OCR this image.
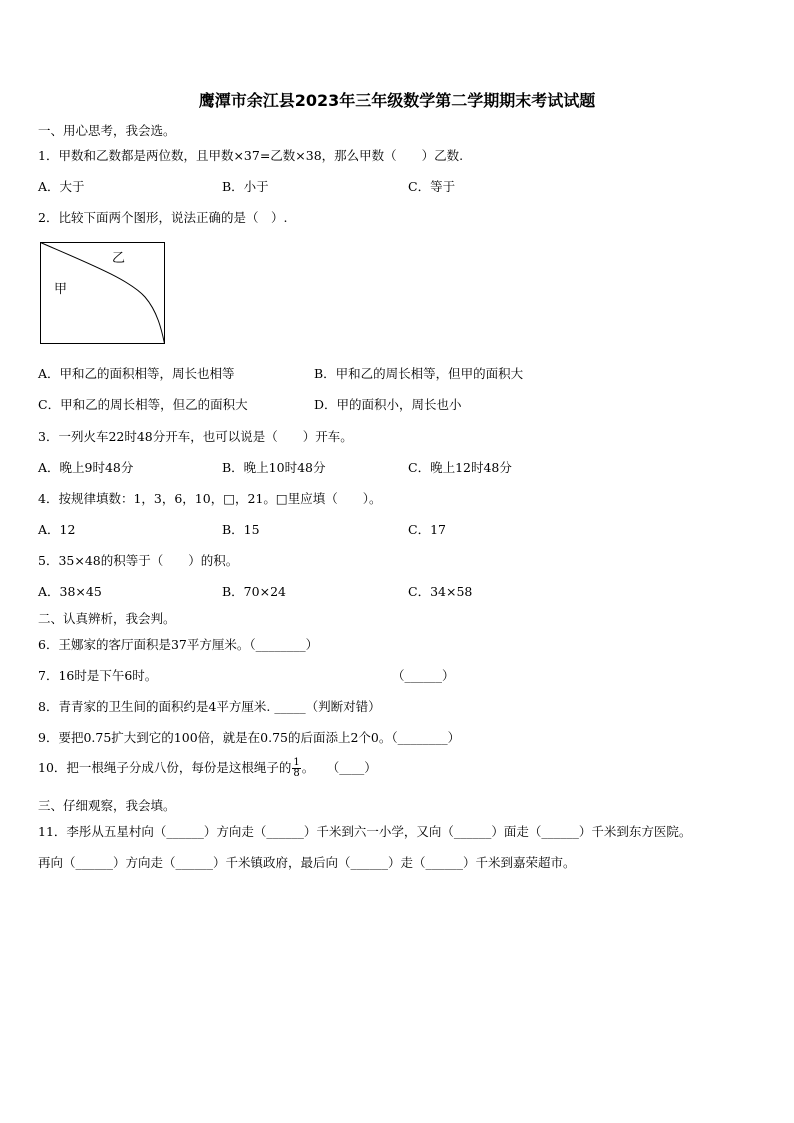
鹰潭市余江县2023年三年级数学第二学期期末考试试题
一、用心思考，我会选。
1．甲数和乙数都是两位数，且甲数×37=乙数×38，那么甲数（　　）乙数.
A．大于	B．小于	C．等于
2．比较下面两个图形，说法正确的是（　）.
乙
甲
A．甲和乙的面积相等，周长也相等	B．甲和乙的周长相等，但甲的面积大
C．甲和乙的周长相等，但乙的面积大	D．甲的面积小，周长也小
3．一列火车22时48分开车，也可以说是（　　）开车。
A．晚上9时48分	B．晚上10时48分	C．晚上12时48分
4．按规律填数：1，3，6，10，□，21。□里应填（　　）。
A．12	B．15	C．17
5．35×48的积等于（　　）的积。
A．38×45	B．70×24	C．34×58
二、认真辨析，我会判。
6．王娜家的客厅面积是37平方厘米。（________）
7．16时是下午6时。	（______）
8．青青家的卫生间的面积约是4平方厘米. _____（判断对错）
9．要把0.75扩大到它的100倍，就是在0.75的后面添上2个0。（________）
10．把一根绳子分成八份，每份是这根绳子的 $\frac{1}{8}$ 。　　（____）
三、仔细观察，我会填。
11．李彤从五星村向（______）方向走（______）千米到六一小学，又向（______）面走（______）千米到东方医院。
再向（______）方向走（______）千米镇政府，最后向（______）走（______）千米到嘉荣超市。
